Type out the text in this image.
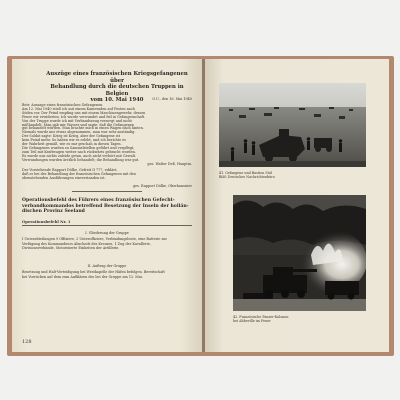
Auszüge eines französischen Kriegsgefangenen über
Behandlung durch die deutschen Truppen in Belgien
vom 10. Mai 1940	O.U., den 16. Mai 1940
Betr. Aussage eines französischen Gefangenen.
Am 12. Mai 1940 stieß ich mit einem Kameraden auf Posten nach
Süden vor. Der Feind empfing uns mit einem Maschinengewehr, dessen
Feuer wir erwiderten. Ich wurde verwundet und fiel in Gefangenschaft.
Von der Truppe wurde ich mit Verbandszeug versorgt und nicht
mißhandelt. Man gab mir Wasser und sagte, daß die Gefangenen
gut behandelt würden. Man brachte mich in einen Wagen nach hinten.
Niemals wurde mir etwas abgenommen, man war sehr anständig.
Der Soldat sagte: Krieg ist Krieg, aber der Gefangene ist
kein Feind mehr. So haben wir es erlebt, und ich berichte es
der Wahrheit gemäß, wie es mir geschah in diesen Tagen.
Die Gefangenen wurden zu Sammelstellen geführt und verpflegt,
zum Teil mit Kraftwagen weiter nach rückwärts gebracht worden.
Es wurde uns nichts zuleide getan, auch nicht verhört mit Gewalt.
Verwundungen wurden ärztlich behandelt; die Behandlung war gut.
ges. Walter Deß, Hauptm.
Der Vorstehende Rapport Dölke, Gefreit II 777, erklärt,
daß er bei der Behandlung der französischen Gefangenen mit den
obenstehenden Ausführungen einverstanden ist.
ges. Rapport Dölke, Oberkanonier
Operationsbefehl des Führers eines französischen Gefecht-
verbandkommandos betreffend Besetzung der Inseln der hollän-
dischen Provinz Seeland
Operationsbefehl Nr. 1
I. Gliederung der Gruppe
I Unterabteilungen 9 Offiziere, 2 Unteroffiziere, Verbindungsleute, eine Batterie zur
Verfügung des Kommandeurs Abschnitt des Kreuzes, 1 Zug der Kavallerie,
Divisionsverbände, Motorisierte Einheiten der Artillerie.
II. Auftrag der Gruppe
Besetzung und Halt-Verteidigung bei Westkapelle der Häfen befolgen. Bereitschaft
bei Vorrücken auf dem zum Aufklären des bei der Gruppe am 12. Mai.
128
41. Gefangene und Bastion Süd
Bild: Deutsches Nachrichtenbüro
42. Französische Panzer-Kolonne
bei Abbeville im Feuer
